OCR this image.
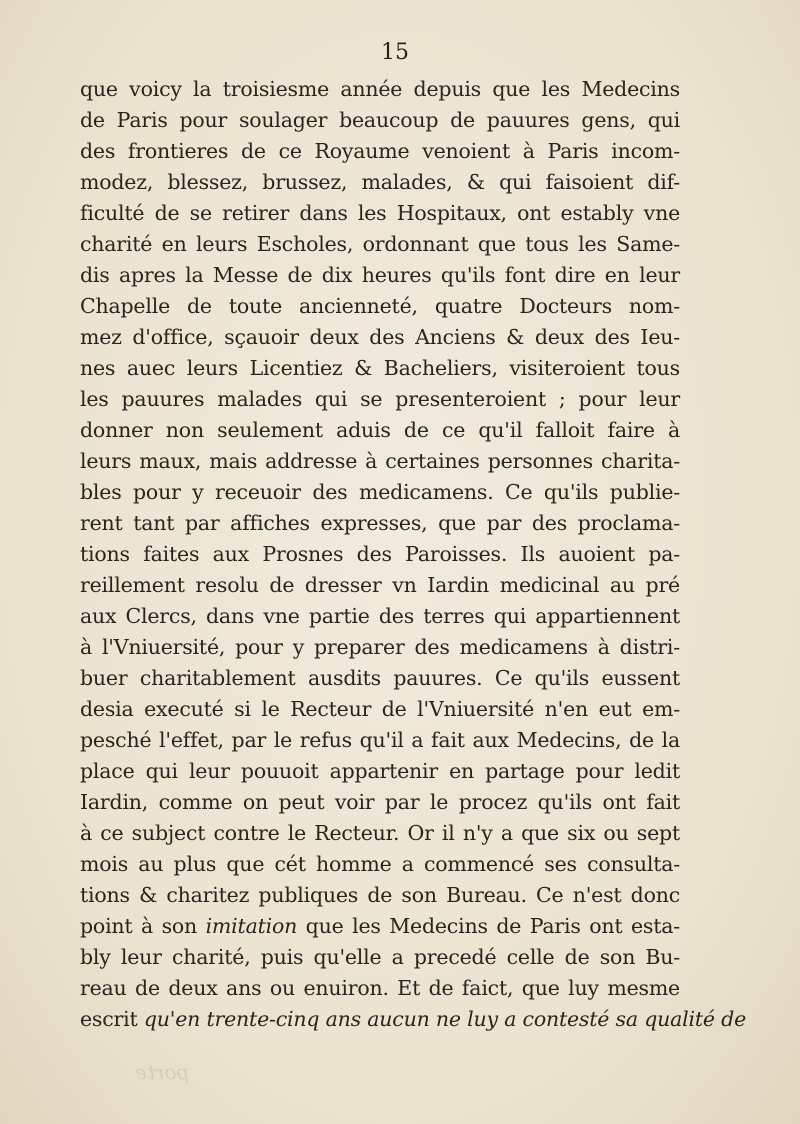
15
que voicy la troisiesme année depuis que les Medecins
de Paris pour soulager beaucoup de pauures gens, qui
des frontieres de ce Royaume venoient à Paris incom-
modez, blessez, brussez, malades, & qui faisoient dif-
ficulté de se retirer dans les Hospitaux, ont estably vne
charité en leurs Escholes, ordonnant que tous les Same-
dis apres la Messe de dix heures qu'ils font dire en leur
Chapelle de toute ancienneté, quatre Docteurs nom-
mez d'office, sçauoir deux des Anciens & deux des Ieu-
nes auec leurs Licentiez & Bacheliers, visiteroient tous
les pauures malades qui se presenteroient ; pour leur
donner non seulement aduis de ce qu'il falloit faire à
leurs maux, mais addresse à certaines personnes charita-
bles pour y receuoir des medicamens. Ce qu'ils publie-
rent tant par affiches expresses, que par des proclama-
tions faites aux Prosnes des Paroisses. Ils auoient pa-
reillement resolu de dresser vn Iardin medicinal au pré
aux Clercs, dans vne partie des terres qui appartiennent
à l'Vniuersité, pour y preparer des medicamens à distri-
buer charitablement ausdits pauures. Ce qu'ils eussent
desia executé si le Recteur de l'Vniuersité n'en eut em-
pesché l'effet, par le refus qu'il a fait aux Medecins, de la
place qui leur pouuoit appartenir en partage pour ledit
Iardin, comme on peut voir par le procez qu'ils ont fait
à ce subject contre le Recteur. Or il n'y a que six ou sept
mois au plus que cét homme a commencé ses consulta-
tions & charitez publiques de son Bureau. Ce n'est donc
point à son imitation que les Medecins de Paris ont esta-
bly leur charité, puis qu'elle a precedé celle de son Bu-
reau de deux ans ou enuiron. Et de faict, que luy mesme
escrit qu'en trente-cinq ans aucun ne luy a contesté sa qualité de
porte
